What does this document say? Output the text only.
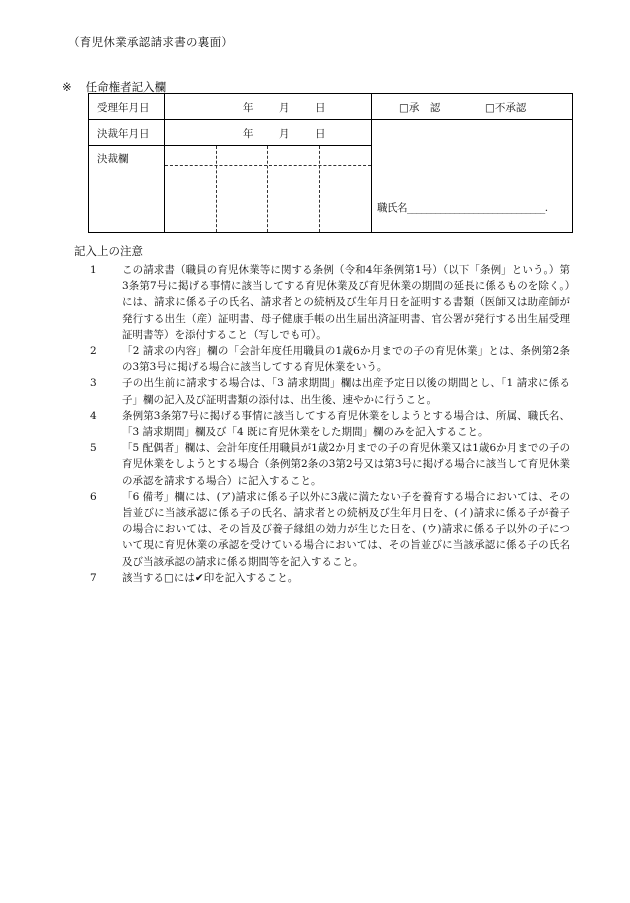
（育児休業承認請求書の裏面）
※ 任命権者記入欄
受理年月日
決裁年月日
決裁欄
年 月 日
年 月 日
□承　認	□不承認
職氏名_____________________________.
記入上の注意
1 この請求書（職員の育児休業等に関する条例（令和4年条例第1号）（以下「条例」という。）第3条第7号に掲げる事情に該当してする育児休業及び育児休業の期間の延長に係るものを除く。）には、請求に係る子の氏名、請求者との続柄及び生年月日を証明する書類（医師又は助産師が発行する出生（産）証明書、母子健康手帳の出生届出済証明書、官公署が発行する出生届受理証明書等）を添付すること（写しでも可）。
2 「2 請求の内容」欄の「会計年度任用職員の1歳6か月までの子の育児休業」とは、条例第2条の3第3号に掲げる場合に該当してする育児休業をいう。
3 子の出生前に請求する場合は、「3 請求期間」欄は出産予定日以後の期間とし、「1 請求に係る子」欄の記入及び証明書類の添付は、出生後、速やかに行うこと。
4 条例第3条第7号に掲げる事情に該当してする育児休業をしようとする場合は、所属、職氏名、「3 請求期間」欄及び「4 既に育児休業をした期間」欄のみを記入すること。
5 「5 配偶者」欄は、会計年度任用職員が1歳2か月までの子の育児休業又は1歳6か月までの子の育児休業をしようとする場合（条例第2条の3第2号又は第3号に掲げる場合に該当して育児休業の承認を請求する場合）に記入すること。
6 「6 備考」欄には、(ア)請求に係る子以外に3歳に満たない子を養育する場合においては、その旨並びに当該承認に係る子の氏名、請求者との続柄及び生年月日を、(イ)請求に係る子が養子の場合においては、その旨及び養子縁組の効力が生じた日を、(ウ)請求に係る子以外の子について現に育児休業の承認を受けている場合においては、その旨並びに当該承認に係る子の氏名及び当該承認の請求に係る期間等を記入すること。
7 該当する□には✔印を記入すること。
